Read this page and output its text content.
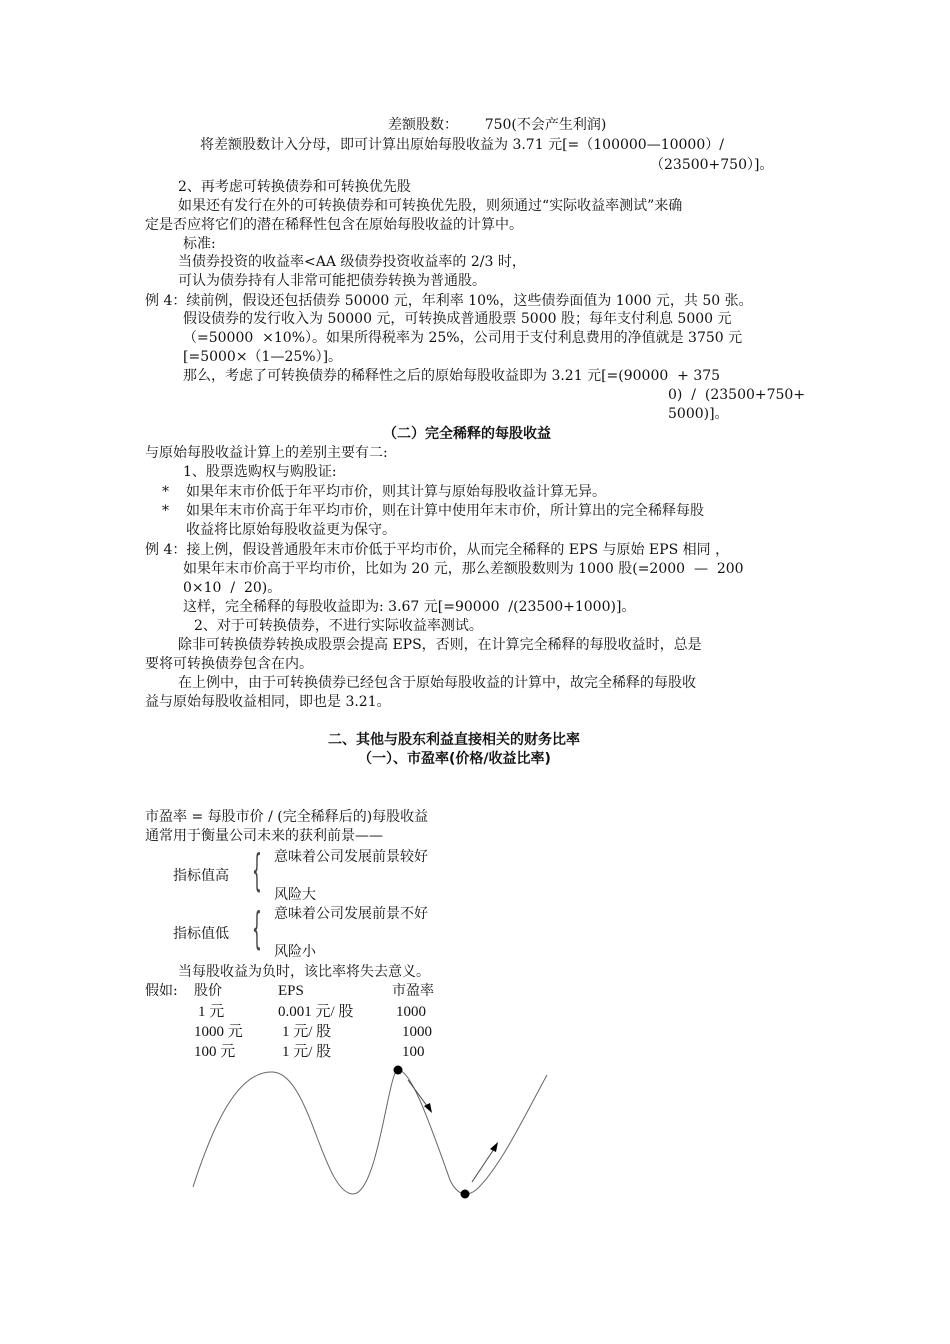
差额股数：      750(不会产生利润)
将差额股数计入分母，即可计算出原始每股收益为 3.71 元[=（100000—10000）/
（23500+750）]。
2、再考虑可转换债券和可转换优先股
如果还有发行在外的可转换债券和可转换优先股，则须通过“实际收益率测试”来确
定是否应将它们的潜在稀释性包含在原始每股收益的计算中。
标准:
当债券投资的收益率<AA 级债券投资收益率的 2/3 时，
可认为债券持有人非常可能把债券转换为普通股。
例 4：续前例，假设还包括债券 50000 元，年利率 10%，这些债券面值为 1000 元，共 50 张。
假设债券的发行收入为 50000 元，可转换成普通股票 5000 股；每年支付利息 5000 元
（=50000  ×10%）。如果所得税率为 25%，公司用于支付利息费用的净值就是 3750 元
[=5000×（1—25%）]。
那么，考虑了可转换债券的稀释性之后的原始每股收益即为 3.21 元[=(90000  + 375
0)  /  (23500+750+
5000)]。
（二）完全稀释的每股收益
与原始每股收益计算上的差别主要有二:
1、股票选购权与购股证:
* 如果年末市价低于年平均市价，则其计算与原始每股收益计算无异。
* 如果年末市价高于年平均市价，则在计算中使用年末市价，所计算出的完全稀释每股
收益将比原始每股收益更为保守。
例 4：接上例，假设普通股年末市价低于平均市价，从而完全稀释的 EPS 与原始 EPS 相同 ，
如果年末市价高于平均市价，比如为 20 元，那么差额股数则为 1000 股(=2000  —  200
0×10  /  20)。
这样，完全稀释的每股收益即为: 3.67 元[=90000  /(23500+1000)]。
2、对于可转换债券，不进行实际收益率测试。
除非可转换债券转换成股票会提高 EPS，否则，在计算完全稀释的每股收益时，总是
要将可转换债券包含在内。
在上例中，由于可转换债券已经包含于原始每股收益的计算中，故完全稀释的每股收
益与原始每股收益相同，即也是 3.21。
二、其他与股东利益直接相关的财务比率
（一）、市盈率(价格/收益比率)
市盈率 = 每股市价 / (完全稀释后的)每股收益
通常用于衡量公司未来的获利前景——
意味着公司发展前景较好
指标值高 { 风险大
意味着公司发展前景不好
指标值低 { 风险小
当每股收益为负时，该比率将失去意义。
假如: 股价	EPS	市盈率
1 元	0.001 元/ 股	1000
1000 元	1 元/ 股	1000
100 元	1 元/ 股	100
